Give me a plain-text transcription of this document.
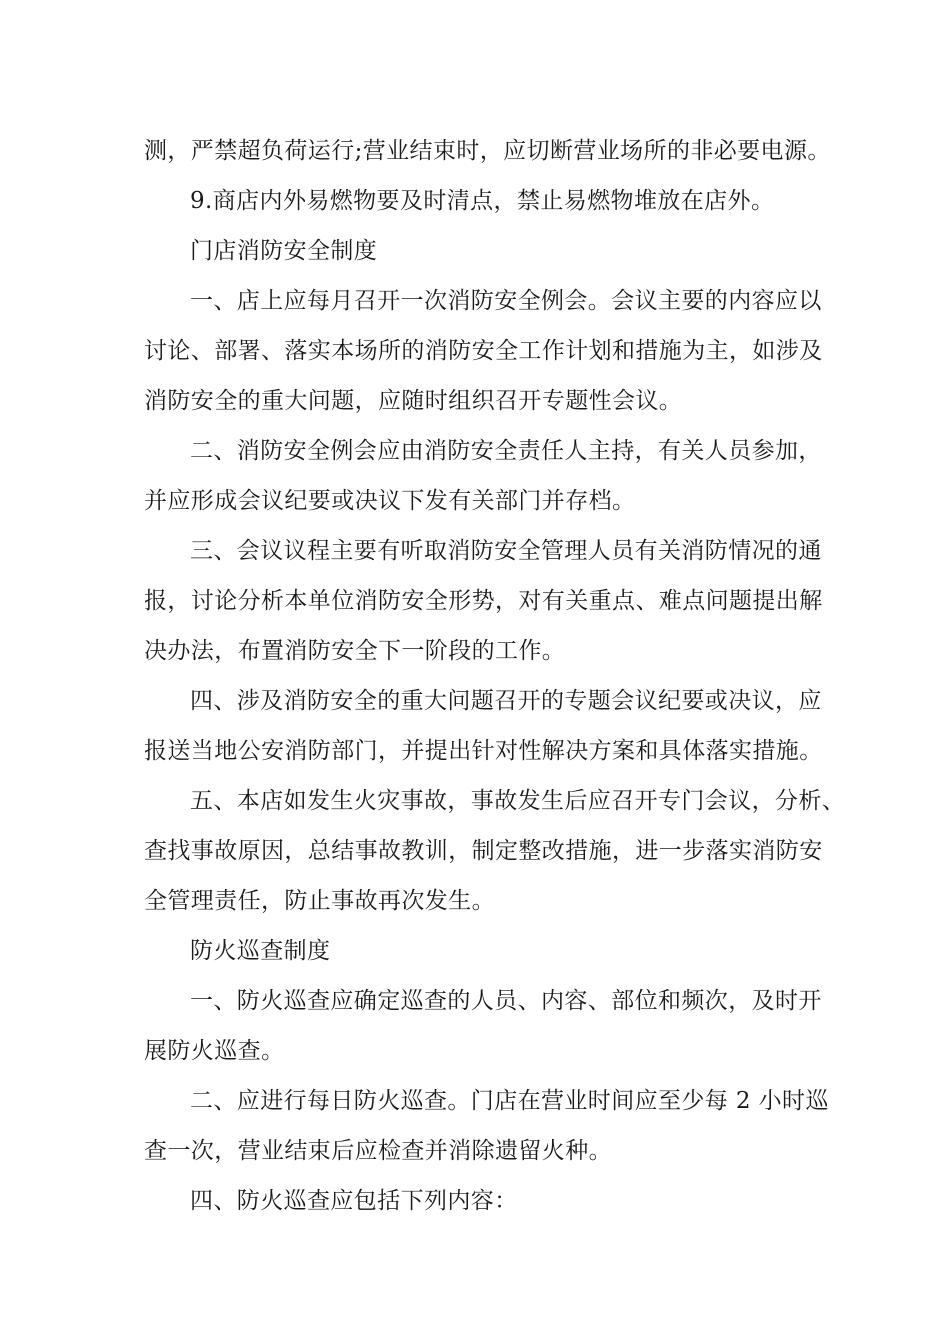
测，严禁超负荷运行;营业结束时，应切断营业场所的非必要电源。
9.商店内外易燃物要及时清点，禁止易燃物堆放在店外。
门店消防安全制度
一、店上应每月召开一次消防安全例会。会议主要的内容应以
讨论、部署、落实本场所的消防安全工作计划和措施为主，如涉及
消防安全的重大问题，应随时组织召开专题性会议。
二、消防安全例会应由消防安全责任人主持，有关人员参加，
并应形成会议纪要或决议下发有关部门并存档。
三、会议议程主要有听取消防安全管理人员有关消防情况的通
报，讨论分析本单位消防安全形势，对有关重点、难点问题提出解
决办法，布置消防安全下一阶段的工作。
四、涉及消防安全的重大问题召开的专题会议纪要或决议，应
报送当地公安消防部门，并提出针对性解决方案和具体落实措施。
五、本店如发生火灾事故，事故发生后应召开专门会议，分析、
查找事故原因，总结事故教训，制定整改措施，进一步落实消防安
全管理责任，防止事故再次发生。
防火巡查制度
一、防火巡查应确定巡查的人员、内容、部位和频次，及时开
展防火巡查。
二、应进行每日防火巡查。门店在营业时间应至少每 2 小时巡
查一次，营业结束后应检查并消除遗留火种。
四、防火巡查应包括下列内容：
